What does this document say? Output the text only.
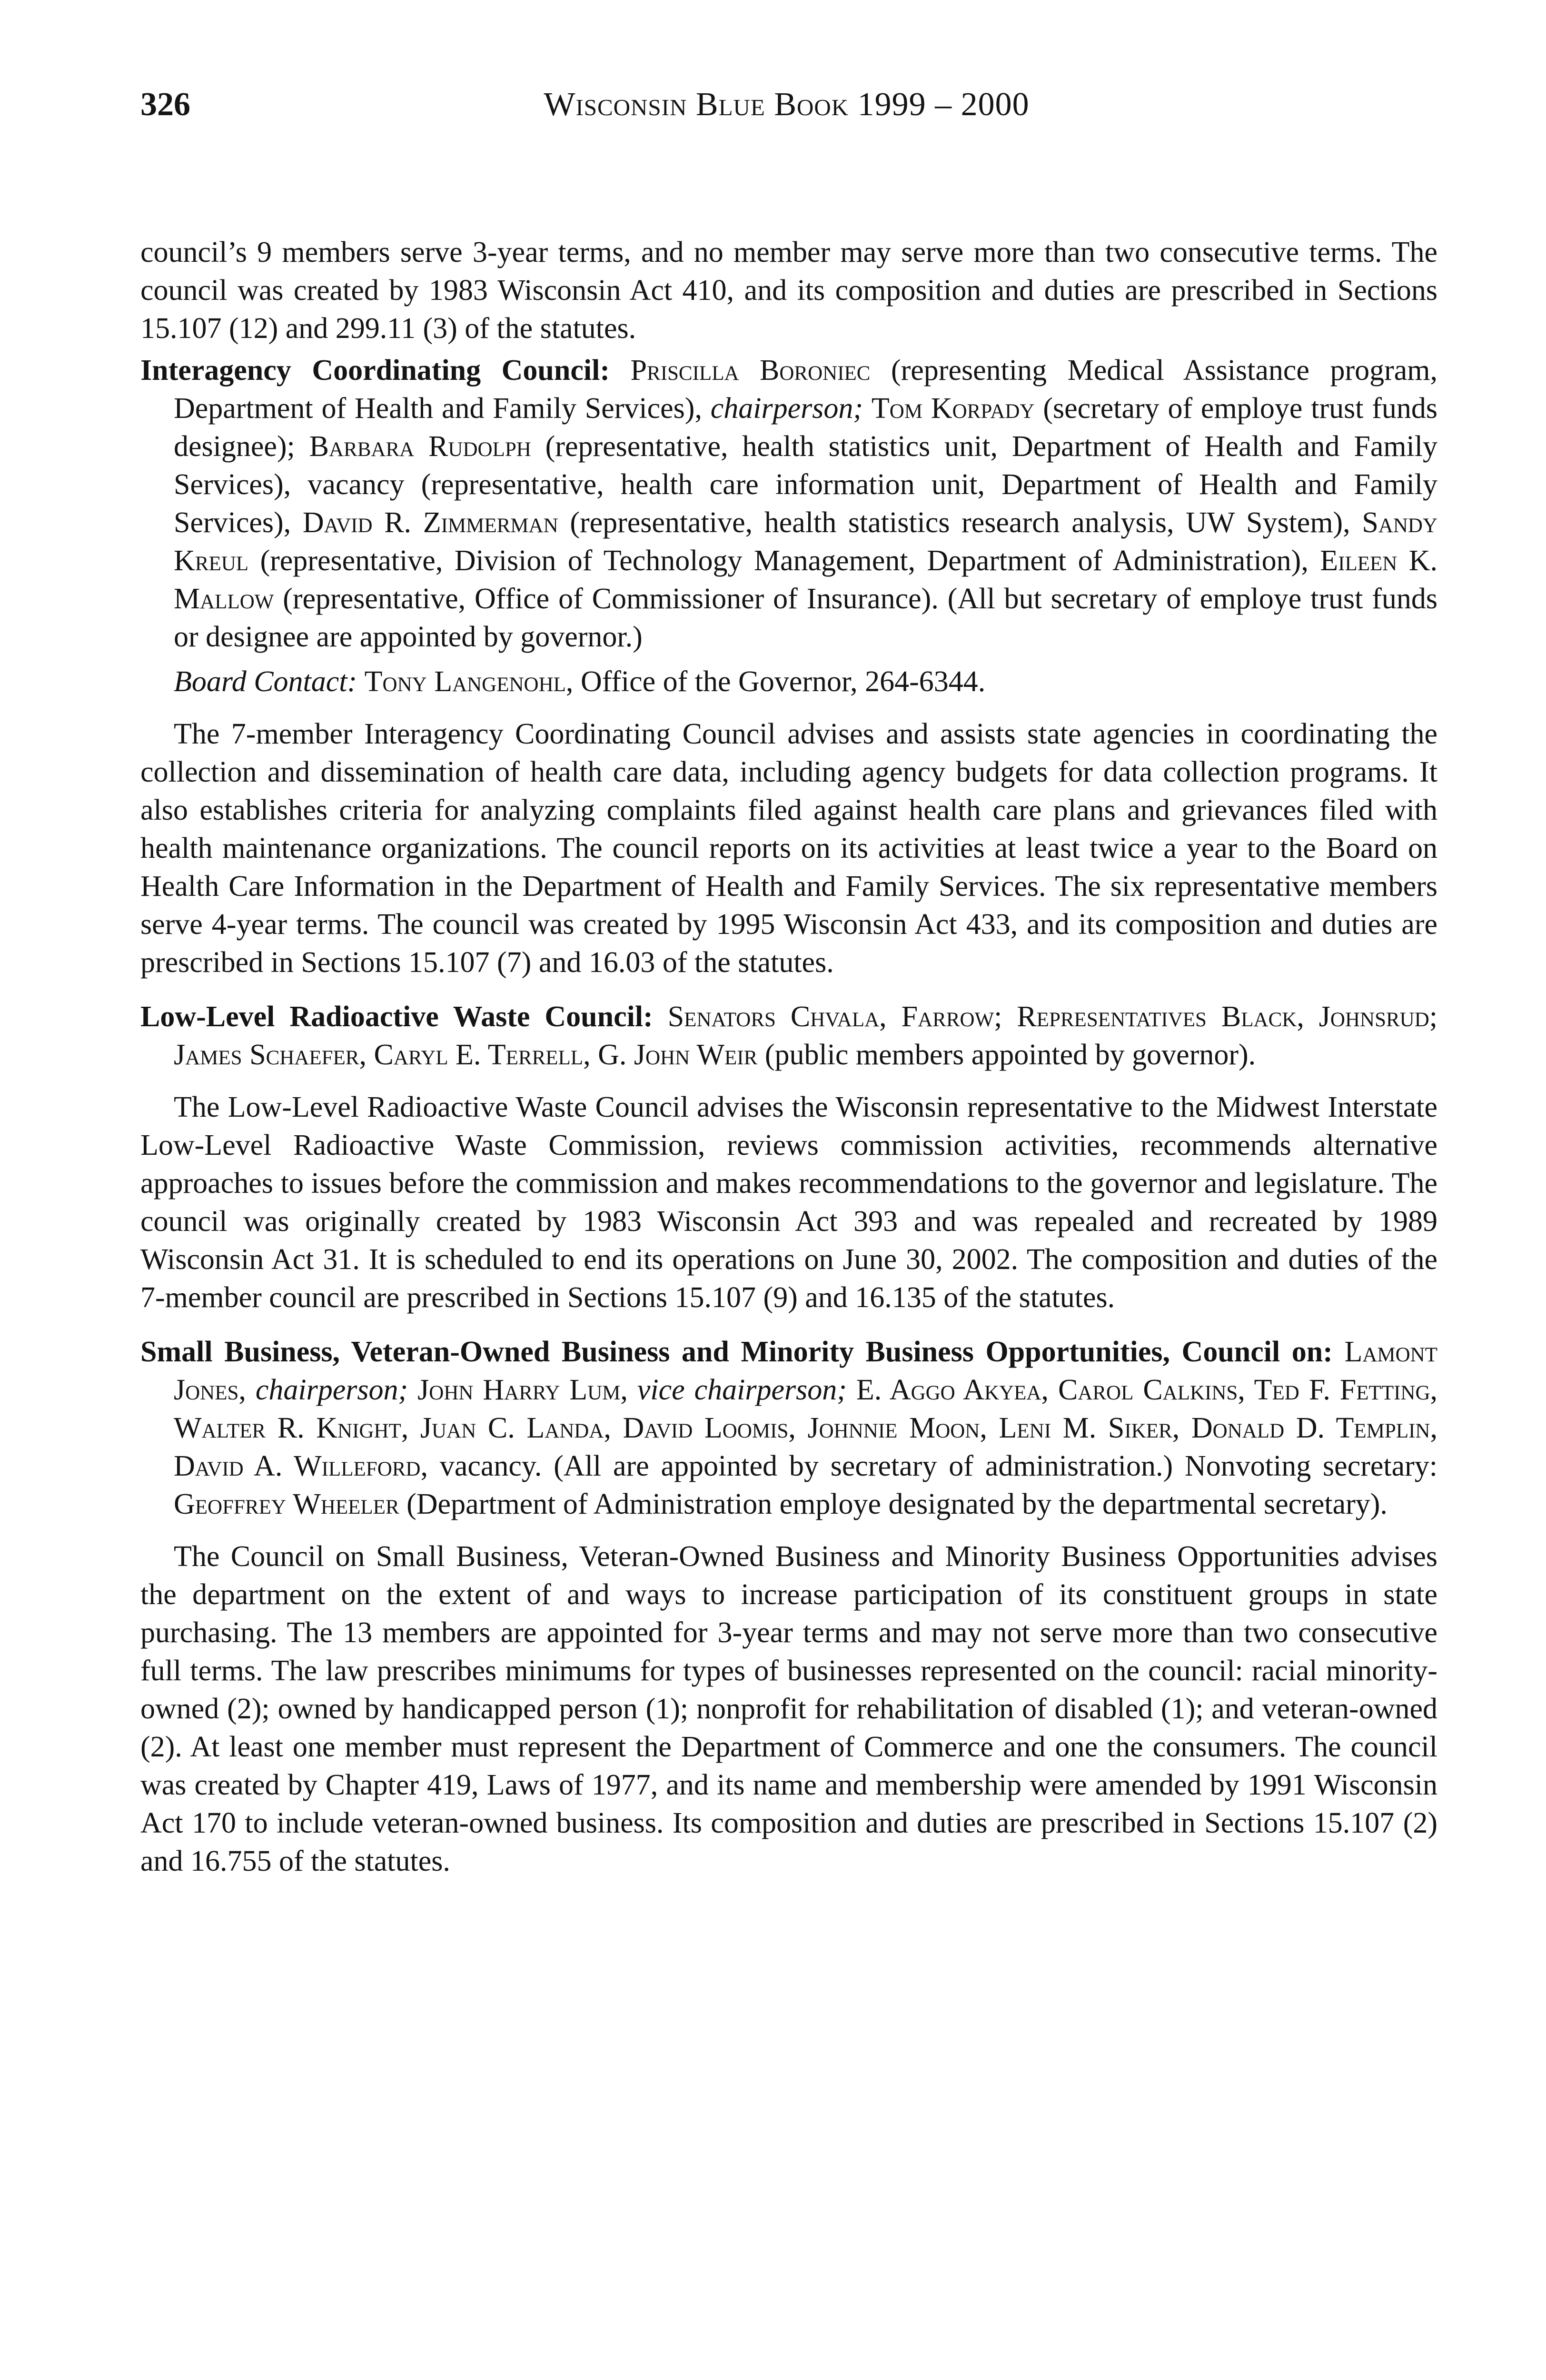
326	Wisconsin Blue Book 1999 – 2000

council’s 9 members serve 3-year terms, and no member may serve more than two consecutive terms. The council was created by 1983 Wisconsin Act 410, and its composition and duties are prescribed in Sections 15.107 (12) and 299.11 (3) of the statutes.

Interagency Coordinating Council: Priscilla Boroniec (representing Medical Assistance program, Department of Health and Family Services), chairperson; Tom Korpady (secretary of employe trust funds designee); Barbara Rudolph (representative, health statistics unit, Department of Health and Family Services), vacancy (representative, health care information unit, Department of Health and Family Services), David R. Zimmerman (representative, health statistics research analysis, UW System), Sandy Kreul (representative, Division of Technology Management, Department of Administration), Eileen K. Mallow (representative, Office of Commissioner of Insurance). (All but secretary of employe trust funds or designee are appointed by governor.)

Board Contact: Tony Langenohl, Office of the Governor, 264-6344.

The 7-member Interagency Coordinating Council advises and assists state agencies in coordinating the collection and dissemination of health care data, including agency budgets for data collection programs. It also establishes criteria for analyzing complaints filed against health care plans and grievances filed with health maintenance organizations. The council reports on its activities at least twice a year to the Board on Health Care Information in the Department of Health and Family Services. The six representative members serve 4-year terms. The council was created by 1995 Wisconsin Act 433, and its composition and duties are prescribed in Sections 15.107 (7) and 16.03 of the statutes.

Low-Level Radioactive Waste Council: Senators Chvala, Farrow; Representatives Black, Johnsrud; James Schaefer, Caryl E. Terrell, G. John Weir (public members appointed by governor).

The Low-Level Radioactive Waste Council advises the Wisconsin representative to the Midwest Interstate Low-Level Radioactive Waste Commission, reviews commission activities, recommends alternative approaches to issues before the commission and makes recommendations to the governor and legislature. The council was originally created by 1983 Wisconsin Act 393 and was repealed and recreated by 1989 Wisconsin Act 31. It is scheduled to end its operations on June 30, 2002. The composition and duties of the 7-member council are prescribed in Sections 15.107 (9) and 16.135 of the statutes.

Small Business, Veteran-Owned Business and Minority Business Opportunities, Council on: Lamont Jones, chairperson; John Harry Lum, vice chairperson; E. Aggo Akyea, Carol Calkins, Ted F. Fetting, Walter R. Knight, Juan C. Landa, David Loomis, Johnnie Moon, Leni M. Siker, Donald D. Templin, David A. Willeford, vacancy. (All are appointed by secretary of administration.) Nonvoting secretary: Geoffrey Wheeler (Department of Administration employe designated by the departmental secretary).

The Council on Small Business, Veteran-Owned Business and Minority Business Opportunities advises the department on the extent of and ways to increase participation of its constituent groups in state purchasing. The 13 members are appointed for 3-year terms and may not serve more than two consecutive full terms. The law prescribes minimums for types of businesses represented on the council: racial minority-owned (2); owned by handicapped person (1); nonprofit for rehabilitation of disabled (1); and veteran-owned (2). At least one member must represent the Department of Commerce and one the consumers. The council was created by Chapter 419, Laws of 1977, and its name and membership were amended by 1991 Wisconsin Act 170 to include veteran-owned business. Its composition and duties are prescribed in Sections 15.107 (2) and 16.755 of the statutes.
